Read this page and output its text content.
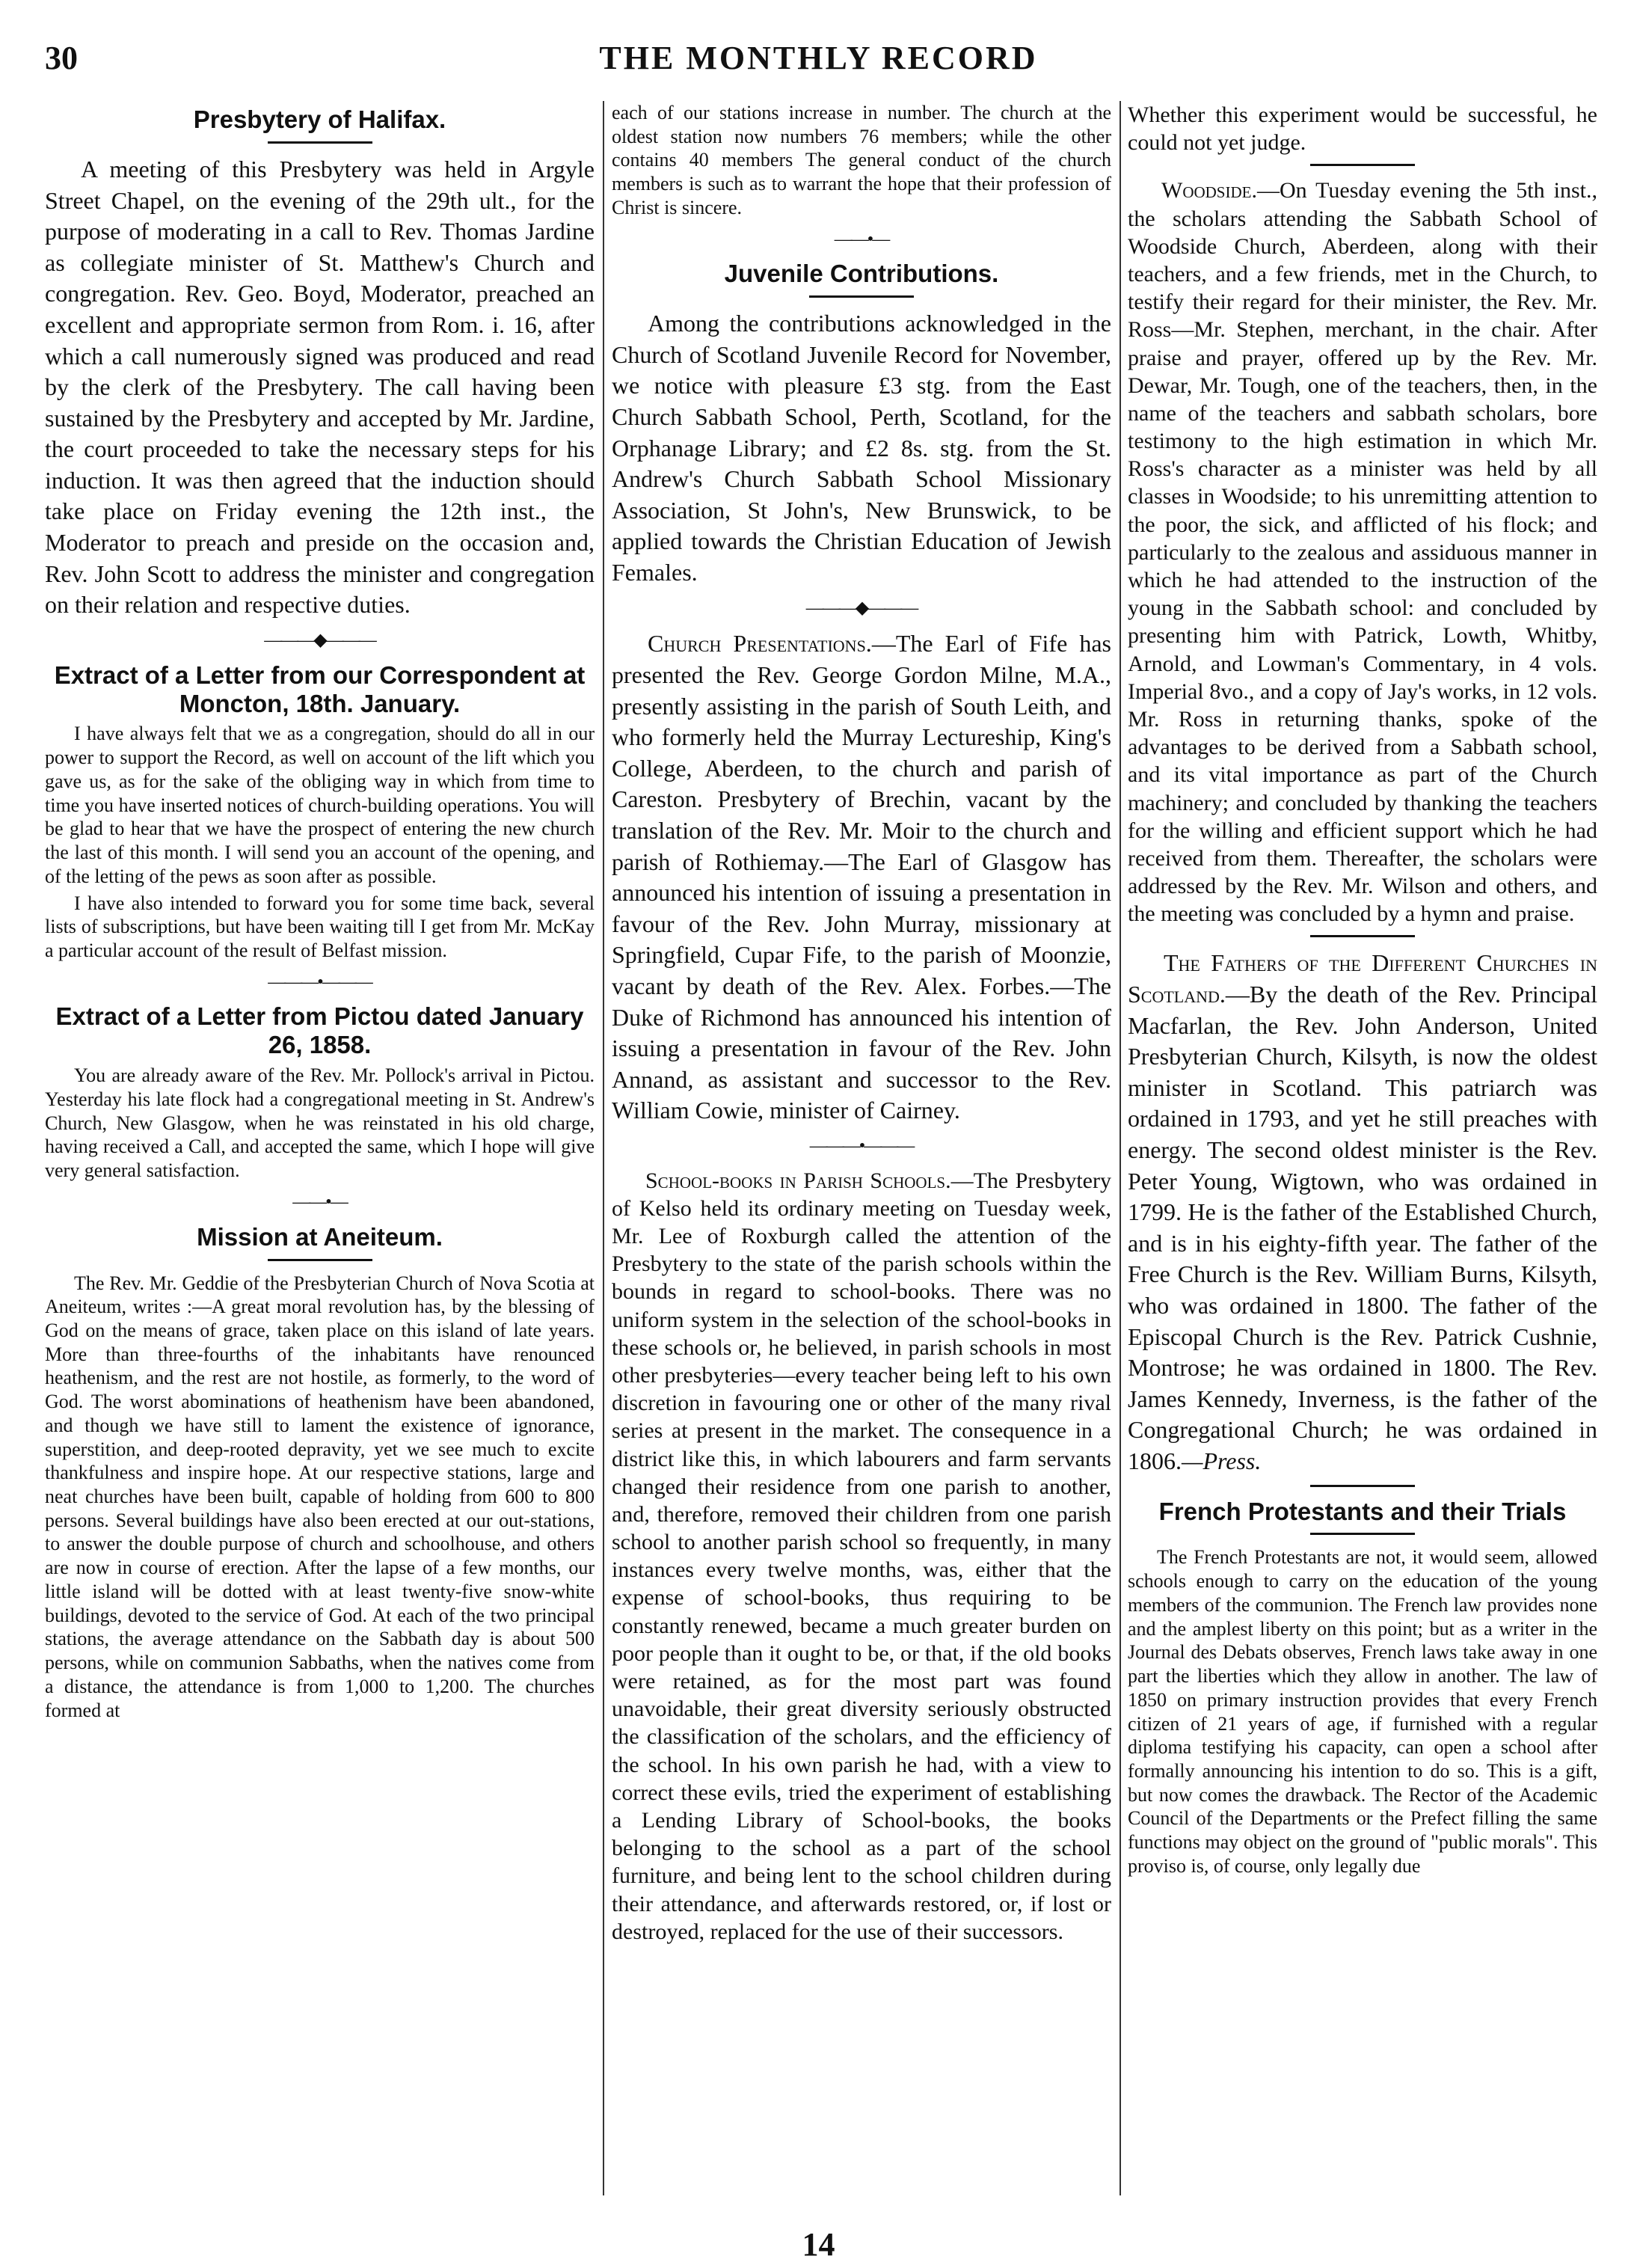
THE MONTHLY RECORD
30
Presbytery of Halifax.

A meeting of this Presbytery was held in Argyle Street Chapel, on the evening of the 29th ult., for the purpose of moderating in a call to Rev. Thomas Jardine as collegiate minister of St. Matthew's Church and congregation. Rev. Geo. Boyd, Moderator, preached an excellent and appropriate sermon from Rom. i. 16, after which a call numerously signed was produced and read by the clerk of the Presbytery. The call having been sustained by the Presbytery and accepted by Mr. Jardine, the court proceeded to take the necessary steps for his induction. It was then agreed that the induction should take place on Friday evening the 12th inst., the Moderator to preach and preside on the occasion and, Rev. John Scott to address the minister and congregation on their relation and respective duties.

———◆———
Extract of a Letter from our Correspondent at Moncton, 18th. January.

I have always felt that we as a congregation, should do all in our power to support the Record, as well on account of the lift which you gave us, as for the sake of the obliging way in which from time to time you have inserted notices of church-building operations. You will be glad to hear that we have the prospect of entering the new church the last of this month. I will send you an account of the opening, and of the letting of the pews as soon after as possible.

I have also intended to forward you for some time back, several lists of subscriptions, but have been waiting till I get from Mr. McKay a particular account of the result of Belfast mission.

———•———
Extract of a Letter from Pictou dated January 26, 1858.

You are already aware of the Rev. Mr. Pollock's arrival in Pictou. Yesterday his late flock had a congregational meeting in St. Andrew's Church, New Glasgow, when he was reinstated in his old charge, having received a Call, and accepted the same, which I hope will give very general satisfaction.

——•—
Mission at Aneiteum.

The Rev. Mr. Geddie of the Presbyterian Church of Nova Scotia at Aneiteum, writes :—A great moral revolution has, by the blessing of God on the means of grace, taken place on this island of late years. More than three-fourths of the inhabitants have renounced heathenism, and the rest are not hostile, as formerly, to the word of God. The worst abominations of heathenism have been abandoned, and though we have still to lament the existence of ignorance, superstition, and deep-rooted depravity, yet we see much to excite thankfulness and inspire hope. At our respective stations, large and neat churches have been built, capable of holding from 600 to 800 persons. Several buildings have also been erected at our out-stations, to answer the double purpose of church and schoolhouse, and others are now in course of erection. After the lapse of a few months, our little island will be dotted with at least twenty-five snow-white buildings, devoted to the service of God. At each of the two principal stations, the average attendance on the Sabbath day is about 500 persons, while on communion Sabbaths, when the natives come from a distance, the attendance is from 1,000 to 1,200. The churches formed at

each of our stations increase in number. The church at the oldest station now numbers 76 members; while the other contains 40 members The general conduct of the church members is such as to warrant the hope that their profession of Christ is sincere.

——•—
Juvenile Contributions.

Among the contributions acknowledged in the Church of Scotland Juvenile Record for November, we notice with pleasure £3 stg. from the East Church Sabbath School, Perth, Scotland, for the Orphanage Library; and £2 8s. stg. from the St. Andrew's Church Sabbath School Missionary Association, St John's, New Brunswick, to be applied towards the Christian Education of Jewish Females.

———◆———

Church Presentations.—The Earl of Fife has presented the Rev. George Gordon Milne, M.A., presently assisting in the parish of South Leith, and who formerly held the Murray Lectureship, King's College, Aberdeen, to the church and parish of Careston. Presbytery of Brechin, vacant by the translation of the Rev. Mr. Moir to the church and parish of Rothiemay.—The Earl of Glasgow has announced his intention of issuing a presentation in favour of the Rev. John Murray, missionary at Springfield, Cupar Fife, to the parish of Moonzie, vacant by death of the Rev. Alex. Forbes.—The Duke of Richmond has announced his intention of issuing a presentation in favour of the Rev. John Annand, as assistant and successor to the Rev. William Cowie, minister of Cairney.

———•———

School-books in Parish Schools.—The Presbytery of Kelso held its ordinary meeting on Tuesday week, Mr. Lee of Roxburgh called the attention of the Presbytery to the state of the parish schools within the bounds in regard to school-books. There was no uniform system in the selection of the school-books in these schools or, he believed, in parish schools in most other presbyteries—every teacher being left to his own discretion in favouring one or other of the many rival series at present in the market. The consequence in a district like this, in which labourers and farm servants changed their residence from one parish to another, and, therefore, removed their children from one parish school to another parish school so frequently, in many instances every twelve months, was, either that the expense of school-books, thus requiring to be constantly renewed, became a much greater burden on poor people than it ought to be, or that, if the old books were retained, as for the most part was found unavoidable, their great diversity seriously obstructed the classification of the scholars, and the efficiency of the school. In his own parish he had, with a view to correct these evils, tried the experiment of establishing a Lending Library of School-books, the books belonging to the school as a part of the school furniture, and being lent to the school children during their attendance, and afterwards restored, or, if lost or destroyed, replaced for the use of their successors.

Whether this experiment would be successful, he could not yet judge.

Woodside.—On Tuesday evening the 5th inst., the scholars attending the Sabbath School of Woodside Church, Aberdeen, along with their teachers, and a few friends, met in the Church, to testify their regard for their minister, the Rev. Mr. Ross—Mr. Stephen, merchant, in the chair. After praise and prayer, offered up by the Rev. Mr. Dewar, Mr. Tough, one of the teachers, then, in the name of the teachers and sabbath scholars, bore testimony to the high estimation in which Mr. Ross's character as a minister was held by all classes in Woodside; to his unremitting attention to the poor, the sick, and afflicted of his flock; and particularly to the zealous and assiduous manner in which he had attended to the instruction of the young in the Sabbath school: and concluded by presenting him with Patrick, Lowth, Whitby, Arnold, and Lowman's Commentary, in 4 vols. Imperial 8vo., and a copy of Jay's works, in 12 vols. Mr. Ross in returning thanks, spoke of the advantages to be derived from a Sabbath school, and its vital importance as part of the Church machinery; and concluded by thanking the teachers for the willing and efficient support which he had received from them. Thereafter, the scholars were addressed by the Rev. Mr. Wilson and others, and the meeting was concluded by a hymn and praise.

The Fathers of the Different Churches in Scotland.—By the death of the Rev. Principal Macfarlan, the Rev. John Anderson, United Presbyterian Church, Kilsyth, is now the oldest minister in Scotland. This patriarch was ordained in 1793, and yet he still preaches with energy. The second oldest minister is the Rev. Peter Young, Wigtown, who was ordained in 1799. He is the father of the Established Church, and is in his eighty-fifth year. The father of the Free Church is the Rev. William Burns, Kilsyth, who was ordained in 1800. The father of the Episcopal Church is the Rev. Patrick Cushnie, Montrose; he was ordained in 1800. The Rev. James Kennedy, Inverness, is the father of the Congregational Church; he was ordained in 1806.—Press.

French Protestants and their Trials

The French Protestants are not, it would seem, allowed schools enough to carry on the education of the young members of the communion. The French law provides none and the amplest liberty on this point; but as a writer in the Journal des Debats observes, French laws take away in one part the liberties which they allow in another. The law of 1850 on primary instruction provides that every French citizen of 21 years of age, if furnished with a regular diploma testifying his capacity, can open a school after formally announcing his intention to do so. This is a gift, but now comes the drawback. The Rector of the Academic Council of the Departments or the Prefect filling the same functions may object on the ground of "public morals". This proviso is, of course, only legally due

14
